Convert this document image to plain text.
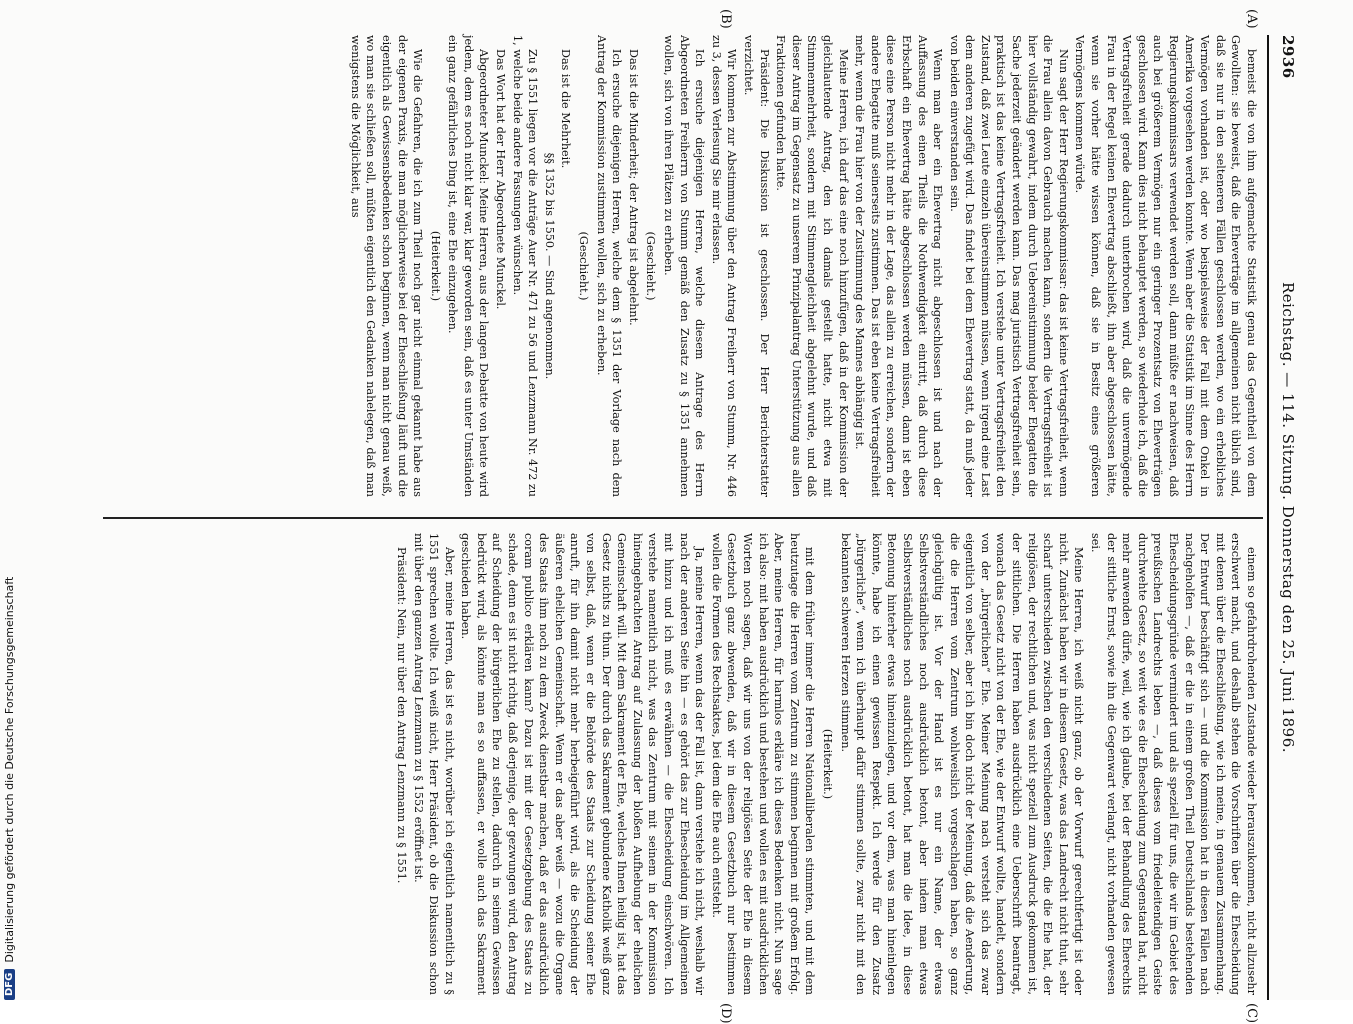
2936
Reichstag. — 114. Sitzung. Donnerstag den 25. Juni 1896.
(A)
(B)
(C)
(D)

bemeist die von ihm aufgemachte Statistik genau das Gegentheil von dem Gewollten: sie beweist, daß die Eheverträge im allgemeinen nicht üblich sind, daß sie nur in den selteneren Fällen geschlossen werden, wo ein erhebliches Vermögen vorhanden ist, oder wo beispielsweise der Fall mit dem Onkel in Amerika vorgesehen werden konnte. Wenn aber die Statistik im Sinne des Herrn Regierungskommissars verwendet werden soll, dann müßte er nachweisen, daß auch bei größerem Vermögen nur ein geringer Prozentsatz von Eheverträgen geschlossen wird. Kann dies nicht behauptet werden, so wiederhole ich, daß die Vertragsfreiheit gerade dadurch unterbrochen wird, daß die unvermögende Frau in der Regel keinen Ehevertrag abschließt, ihn aber abgeschlossen hätte, wenn sie vorher hätte wissen können, daß sie in Besitz eines größeren Vermögens kommen würde.

Nun sagt der Herr Regierungskommissar: das ist keine Vertragsfreiheit, wenn die Frau allein davon Gebrauch machen kann, sondern die Vertragsfreiheit ist hier vollständig gewahrt, indem durch Uebereinstimmung beider Ehegatten die Sache jederzeit geändert werden kann. Das mag juristisch Vertragsfreiheit sein, praktisch ist das keine Vertragsfreiheit. Ich verstehe unter Vertragsfreiheit den Zustand, daß zwei Leute einzeln übereinstimmen müssen, wenn irgend eine Last dem anderen zugefügt wird. Das findet bei dem Ehevertrag statt, da muß jeder von beiden einverstanden sein.

Wenn man aber ein Ehevertrag nicht abgeschlossen ist und nach der Auffassung des einen Theils die Nothwendigkeit eintritt, daß durch diese Erbschaft ein Ehevertrag hätte abgeschlossen werden müssen, dann ist eben diese eine Person nicht mehr in der Lage, das allein zu erreichen, sondern der andere Ehegatte muß seinerseits zustimmen. Das ist eben keine Vertragsfreiheit mehr, wenn die Frau hier von der Zustimmung des Mannes abhängig ist.

Meine Herren, ich darf das eine noch hinzufügen, daß in der Kommission der gleichlautende Antrag, den ich damals gestellt hatte, nicht etwa mit Stimmenmehrheit, sondern mit Stimmengleichheit abgelehnt wurde, und daß dieser Antrag im Gegensatz zu unserem Prinzipalantrag Unterstützung aus allen Fraktionen gefunden hatte.

Präsident: Die Diskussion ist geschlossen. Der Herr Berichterstatter verzichtet.

Wir kommen zur Abstimmung über den Antrag Freiherr von Stumm, Nr. 446 zu 3, dessen Verlesung Sie mir erlassen.

Ich ersuche diejenigen Herren, welche diesem Antrage des Herrn Abgeordneten Freiherrn von Stumm gemäß den Zusatz zu § 1351 annehmen wollen, sich von ihren Plätzen zu erheben.

(Geschieht.)

Das ist die Minderheit; der Antrag ist abgelehnt.

Ich ersuche diejenigen Herren, welche dem § 1351 der Vorlage nach dem Antrag der Kommission zustimmen wollen, sich zu erheben.

(Geschieht.)

Das ist die Mehrheit.

§§ 1352 bis 1550. — Sind angenommen.

Zu § 1551 liegen vor die Anträge Auer Nr. 471 zu 56 und Lenzmann Nr. 472 zu 1, welche beide andere Fassungen wünschen.

Das Wort hat der Herr Abgeordnete Munckel.

Abgeordneter Munckel: Meine Herren, aus der langen Debatte von heute wird jedem, dem es noch nicht klar war, klar geworden sein, daß es unter Umständen ein ganz gefährliches Ding ist, eine Ehe einzugehen.

(Heiterkeit.)

Wie die Gefahren, die ich zum Theil noch gar nicht einmal gekannt habe aus der eigenen Praxis, die man möglicherweise bei der Eheschließung läuft und die eigentlich als Gewissensbedenken schon beginnen, wenn man nicht genau weiß, wo man sie schließen soll, müßten eigentlich den Gedanken nahelegen, daß man wenigstens die Möglichkeit, aus

einem so gefahrdrohenden Zustande wieder herauszukommen, nicht allzusehr erschwert macht, und deshalb stehen die Vorschriften über die Ehescheidung mit denen über die Eheschließung, wie ich meine, in genauem Zusammenhang. Der Entwurf beschäftigt sich — und die Kommission hat in diesen Fällen nach nachgeholfen —, daß er die in einem großen Theil Deutschlands bestehenden Ehescheidungsgründe vermindert und als speziell für uns, die wir im Gebiet des preußischen Landrechts leben —, daß dieses vom friedeleitendigen Geiste durchwehte Gesetz, so weit wie es die Ehescheidung zum Gegenstand hat, nicht mehr anwenden dürfe, weil, wie ich glaube, bei der Behandlung des Eherechts der sittliche Ernst, sowie ihn die Gegenwart verlangt, nicht vorhanden gewesen sei.

Meine Herren, ich weiß nicht ganz, ob der Vorwurf gerechtfertigt ist oder nicht. Zunächst haben wir in diesem Gesetz, was das Landrecht nicht thut, sehr scharf unterschieden zwischen den verschiedenen Seiten, die die Ehe hat, der religiösen, der rechtlichen und, was nicht speziell zum Ausdruck gekommen ist, der sittlichen. Die Herren haben ausdrücklich eine Ueberschrift beantragt, wonach das Gesetz nicht von der Ehe, wie der Entwurf wollte, handelt, sondern von der „bürgerlichen“ Ehe. Meiner Meinung nach versteht sich das zwar eigentlich von selber, aber ich bin doch nicht der Meinung, daß die Aenderung, die die Herren vom Zentrum wohlweislich vorgeschlagen haben, so ganz gleichgültig ist. Vor der Hand ist es nur ein Name, der etwas Selbstverständliches noch ausdrücklich betont, aber indem man etwas Selbstverständliches noch ausdrücklich betont, hat man die Idee, in diese Betonung hinterher etwas hineinzulegen, und vor dem, was man hineinlegen könnte, habe ich einen gewissen Respekt. Ich werde für den Zusatz „bürgerliche“, wenn ich überhaupt dafür stimmen sollte, zwar nicht mit den bekannten schweren Herzen stimmen.

(Heiterkeit.)

mit dem früher immer die Herren Nationalliberalen stimmten, und mit dem heutzutage die Herren vom Zentrum zu stimmen beginnen mit großem Erfolg. Aber, meine Herren, für harmlos erkläre ich dieses Bedenken nicht. Nun sage ich also: mit haben ausdrücklich und bestehen und wollen es mit ausdrücklichen Worten noch sagen, daß wir uns von der religiösen Seite der Ehe in diesem Gesetzbuch ganz abwenden, daß wir in diesem Gesetzbuch nur bestimmen wollen die Formen des Rechtsaktes, bei dem die Ehe auch entsteht.

Ja, meine Herren, wenn das der Fall ist, dann verstehe ich nicht, weshalb wir nach der anderen Seite hin — es gehört das zur Ehescheidung im Allgemeinen mit hinzu und ich muß es erwähnen — die Ehescheidung einschwören. Ich verstehe namentlich nicht, was das Zentrum mit seinem in der Kommission hineingebrachten Antrag auf Zulassung der bloßen Aufhebung der ehelichen Gemeinschaft will. Mit dem Sakrament der Ehe, welches Ihnen heilig ist, hat das Gesetz nichts zu thun. Der durch das Sakrament gebundene Katholik weiß ganz von selbst, daß, wenn er die Behörde des Staats zur Scheidung seiner Ehe anruft, für ihn damit nicht mehr herbeigeführt wird, als die Scheidung der äußeren ehelichen Gemeinschaft. Wenn er das aber weiß — wozu die Organe des Staats ihm noch zu dem Zweck dienstbar machen, daß er das ausdrücklich coram publico erklären kann? Dazu ist mit der Gesetzgebung des Staats zu schade, denn es ist nicht richtig, daß derjenige, der gezwungen wird, den Antrag auf Scheidung der bürgerlichen Ehe zu stellen, dadurch in seinem Gewissen bedrückt wird, als könnte man es so auffassen, er wolle auch das Sakrament geschieden haben.

Aber, meine Herren, das ist es nicht, worüber ich eigentlich namentlich zu § 1551 sprechen wollte. Ich weiß nicht, Herr Präsident, ob die Diskussion schon mit über den ganzen Antrag Lenzmann zu § 1552 eröffnet ist.

Präsident: Nein, nur über den Antrag Lenzmann zu § 1551.

DFG
Digitalisierung gefördert durch die Deutsche Forschungsgemeinschaft
